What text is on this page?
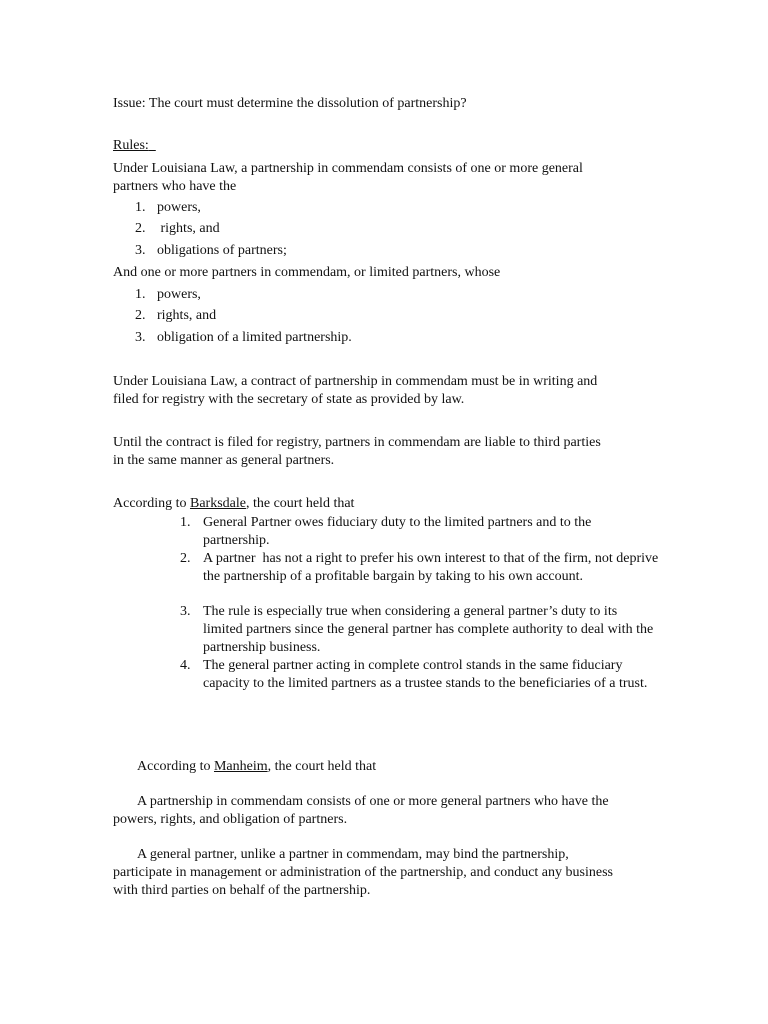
Issue: The court must determine the dissolution of partnership?
Rules:
Under Louisiana Law, a partnership in commendam consists of one or more general
partners who have the
1. powers,
2. rights, and
3. obligations of partners;
And one or more partners in commendam, or limited partners, whose
1. powers,
2. rights, and
3. obligation of a limited partnership.
Under Louisiana Law, a contract of partnership in commendam must be in writing and
filed for registry with the secretary of state as provided by law.
Until the contract is filed for registry, partners in commendam are liable to third parties
in the same manner as general partners.
According to Barksdale, the court held that
1. General Partner owes fiduciary duty to the limited partners and to the partnership.
2. A partner  has not a right to prefer his own interest to that of the firm, not deprive the partnership of a profitable bargain by taking to his own account.
3. The rule is especially true when considering a general partner’s duty to its limited partners since the general partner has complete authority to deal with the partnership business.
4. The general partner acting in complete control stands in the same fiduciary capacity to the limited partners as a trustee stands to the beneficiaries of a trust.
According to Manheim, the court held that
A partnership in commendam consists of one or more general partners who have the
powers, rights, and obligation of partners.
A general partner, unlike a partner in commendam, may bind the partnership,
participate in management or administration of the partnership, and conduct any business
with third parties on behalf of the partnership.
